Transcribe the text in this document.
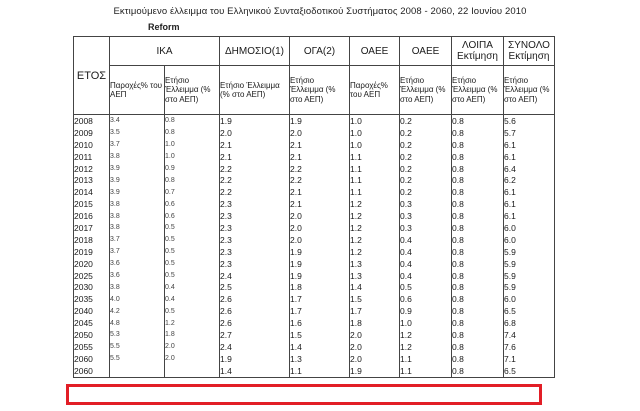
Εκτιμούμενο έλλειμμα του Ελληνικού Συνταξιοδοτικού Συστήματος 2008 - 2060, 22 Ιουνίου 2010
Reform
ΕΤΟΣ	ΙΚΑ		ΔΗΜΟΣΙΟ(1)	ΟΓΑ(2)	ΟΑΕΕ	ΟΑΕΕ	ΛΟΙΠΑ Εκτίμηση	ΣΥΝΟΛΟ Εκτίμηση
	Παροχές% του ΑΕΠ	Ετήσιο Έλλειμμα (% στο ΑΕΠ)	Ετήσιο Έλλειμμα (% στο ΑΕΠ)	Ετήσιο Έλλειμμα (% στο ΑΕΠ)	Παροχές% του ΑΕΠ	Ετήσιο Έλλειμμα (% στο ΑΕΠ)	Ετήσιο Έλλειμμα (% στο ΑΕΠ)	Ετήσιο Έλλειμμα (% στο ΑΕΠ)
2008	3.4	0.8	1.9	1.9	1.0	0.2	0.8	5.6
2009	3.5	0.8	2.0	2.0	1.0	0.2	0.8	5.7
2010	3.7	1.0	2.1	2.1	1.0	0.2	0.8	6.1
2011	3.8	1.0	2.1	2.1	1.1	0.2	0.8	6.1
2012	3.9	0.9	2.2	2.2	1.1	0.2	0.8	6.4
2013	3.9	0.8	2.2	2.2	1.1	0.2	0.8	6.2
2014	3.9	0.7	2.2	2.1	1.1	0.2	0.8	6.1
2015	3.8	0.6	2.3	2.1	1.2	0.3	0.8	6.1
2016	3.8	0.6	2.3	2.0	1.2	0.3	0.8	6.1
2017	3.8	0.5	2.3	2.0	1.2	0.3	0.8	6.0
2018	3.7	0.5	2.3	2.0	1.2	0.4	0.8	6.0
2019	3.7	0.5	2.3	1.9	1.2	0.4	0.8	5.9
2020	3.6	0.5	2.3	1.9	1.3	0.4	0.8	5.9
2025	3.6	0.5	2.4	1.9	1.3	0.4	0.8	5.9
2030	3.8	0.4	2.5	1.8	1.4	0.5	0.8	5.9
2035	4.0	0.4	2.6	1.7	1.5	0.6	0.8	6.0
2040	4.2	0.5	2.6	1.7	1.7	0.9	0.8	6.5
2045	4.8	1.2	2.6	1.6	1.8	1.0	0.8	6.8
2050	5.3	1.8	2.7	1.5	2.0	1.2	0.8	7.4
2055	5.5	2.0	2.4	1.4	2.0	1.2	0.8	7.6
2060	5.5	2.0	1.9	1.3	2.0	1.1	0.8	7.1
2060			1.4	1.1	1.9	1.1	0.8	6.5
